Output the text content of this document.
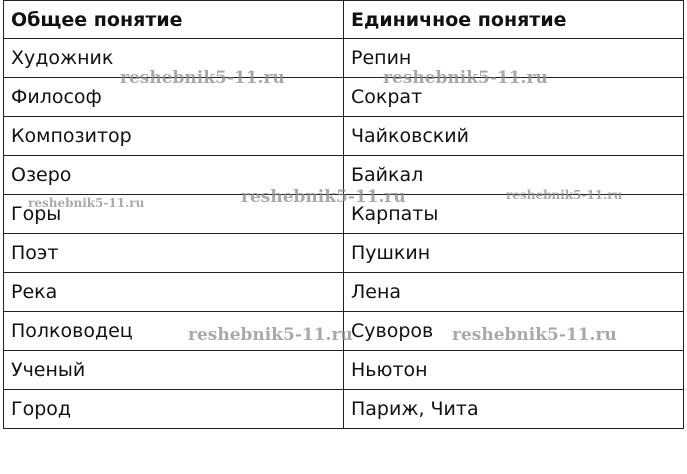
Общее понятие	Единичное понятие
Художник	Репин
Философ	Сократ
Композитор	Чайковский
Озеро	Байкал
Горы	Карпаты
Поэт	Пушкин
Река	Лена
Полководец	Суворов
Ученый	Ньютон
Город	Париж, Чита
reshebnik5-11.ru	reshebnik5-11.ru
reshebnik5-11.ru	reshebnik5-11.ru	reshebnik5-11.ru
reshebnik5-11.ru	reshebnik5-11.ru
